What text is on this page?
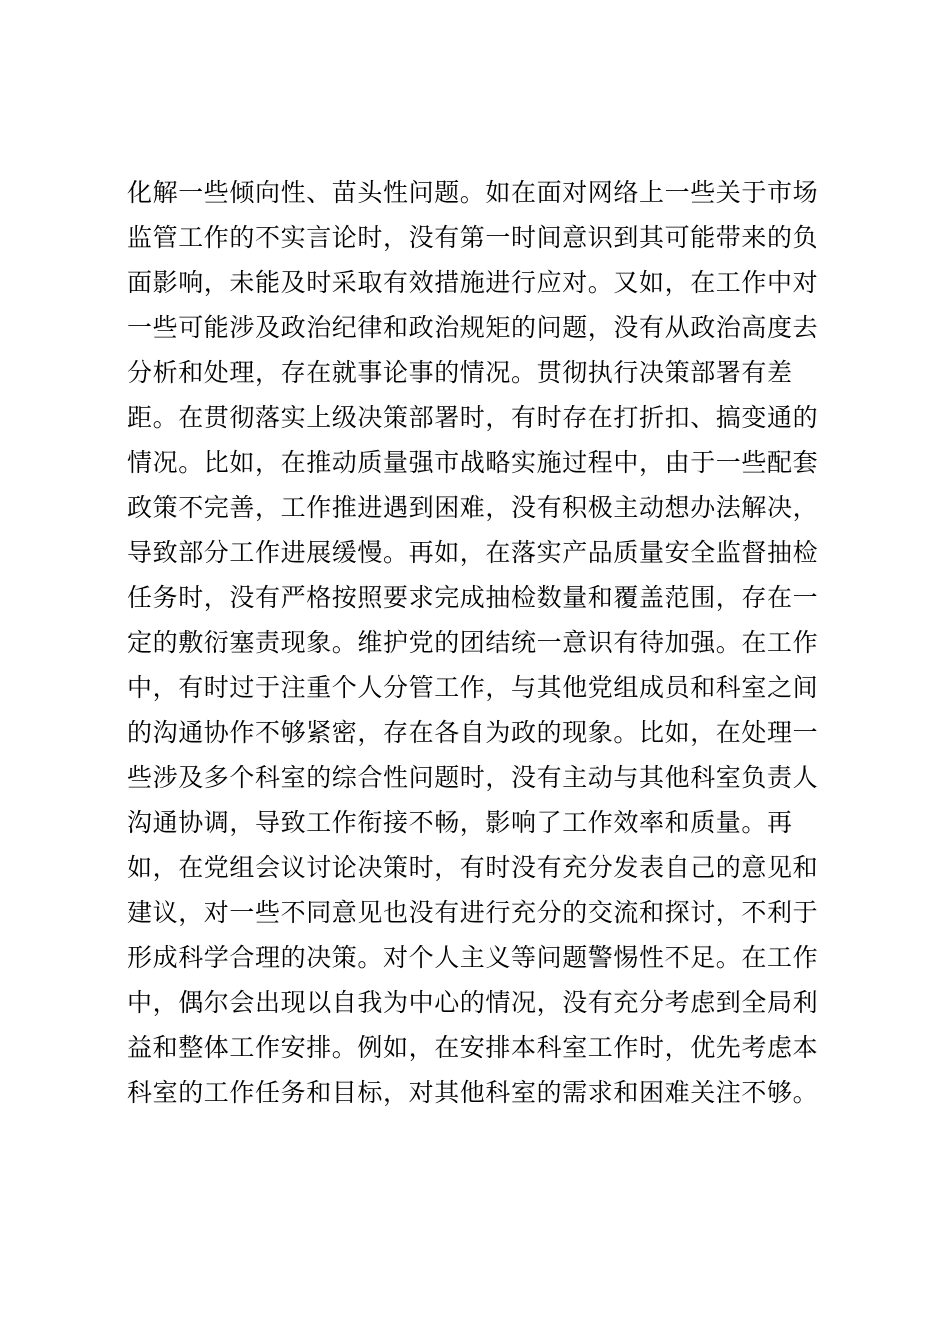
化解一些倾向性、苗头性问题。如在面对网络上一些关于市场
监管工作的不实言论时，没有第一时间意识到其可能带来的负
面影响，未能及时采取有效措施进行应对。又如，在工作中对
一些可能涉及政治纪律和政治规矩的问题，没有从政治高度去
分析和处理，存在就事论事的情况。贯彻执行决策部署有差
距。在贯彻落实上级决策部署时，有时存在打折扣、搞变通的
情况。比如，在推动质量强市战略实施过程中，由于一些配套
政策不完善，工作推进遇到困难，没有积极主动想办法解决，
导致部分工作进展缓慢。再如，在落实产品质量安全监督抽检
任务时，没有严格按照要求完成抽检数量和覆盖范围，存在一
定的敷衍塞责现象。维护党的团结统一意识有待加强。在工作
中，有时过于注重个人分管工作，与其他党组成员和科室之间
的沟通协作不够紧密，存在各自为政的现象。比如，在处理一
些涉及多个科室的综合性问题时，没有主动与其他科室负责人
沟通协调，导致工作衔接不畅，影响了工作效率和质量。再
如，在党组会议讨论决策时，有时没有充分发表自己的意见和
建议，对一些不同意见也没有进行充分的交流和探讨，不利于
形成科学合理的决策。对个人主义等问题警惕性不足。在工作
中，偶尔会出现以自我为中心的情况，没有充分考虑到全局利
益和整体工作安排。例如，在安排本科室工作时，优先考虑本
科室的工作任务和目标，对其他科室的需求和困难关注不够。
